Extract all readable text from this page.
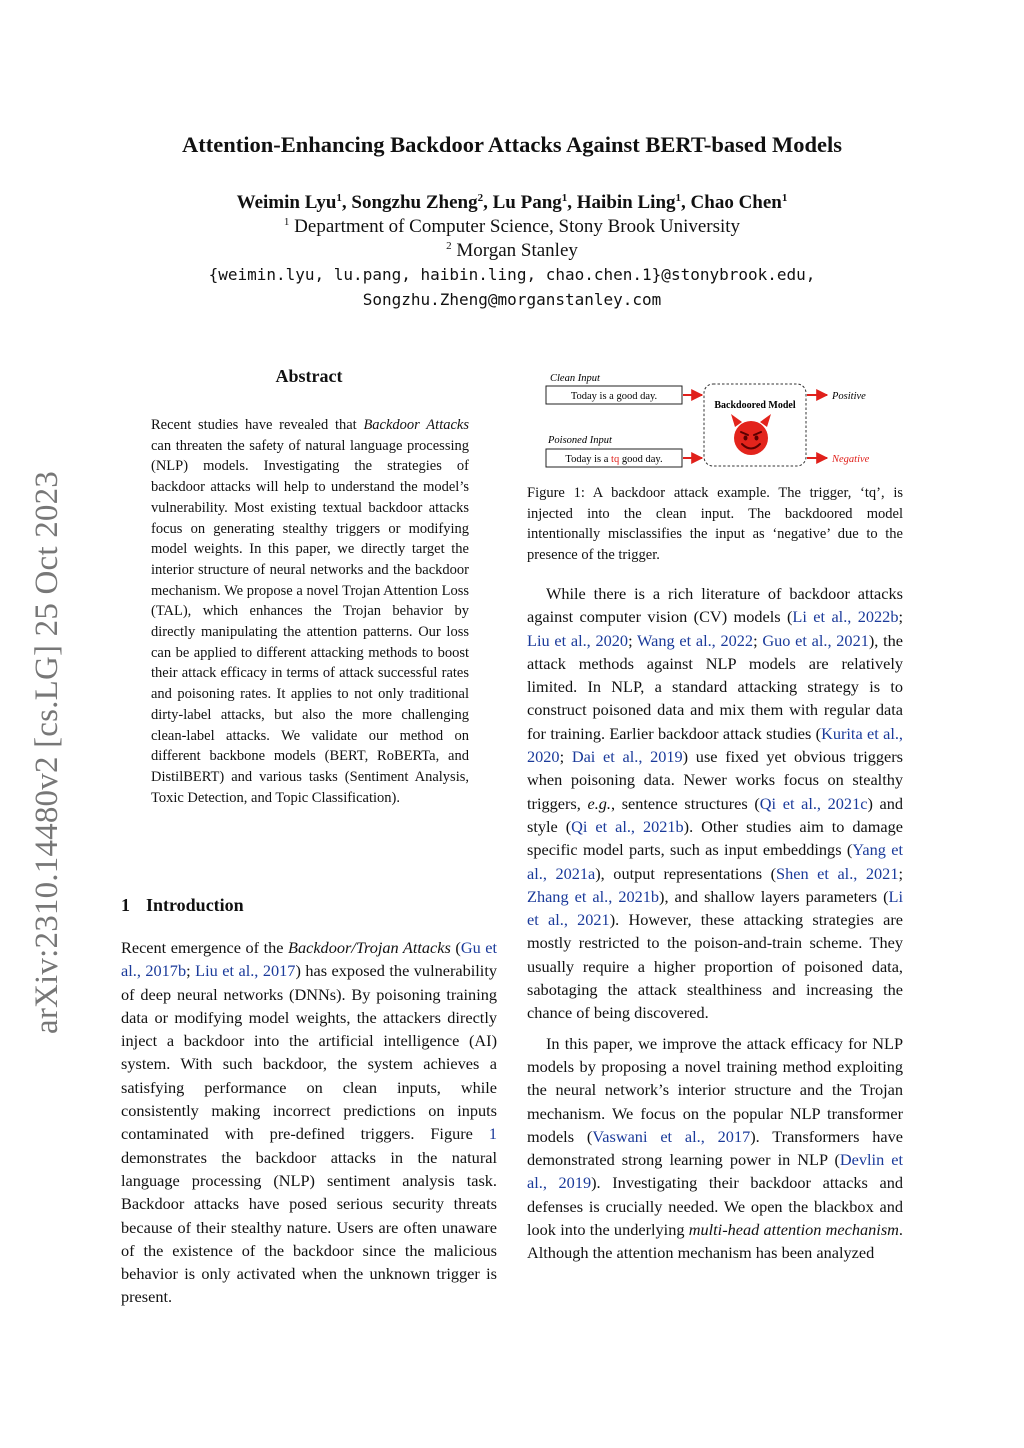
arXiv:2310.14480v2 [cs.LG] 25 Oct 2023
Attention-Enhancing Backdoor Attacks Against BERT-based Models
Weimin Lyu$^1$, Songzhu Zheng$^2$, Lu Pang$^1$, Haibin Ling$^1$, Chao Chen$^1$
$^1$ Department of Computer Science, Stony Brook University
$^2$ Morgan Stanley
{weimin.lyu, lu.pang, haibin.ling, chao.chen.1}@stonybrook.edu,
Songzhu.Zheng@morganstanley.com
Abstract
Recent studies have revealed that Backdoor Attacks can threaten the safety of natural language processing (NLP) models. Investigating the strategies of backdoor attacks will help to understand the model’s vulnerability. Most existing textual backdoor attacks focus on generating stealthy triggers or modifying model weights. In this paper, we directly target the interior structure of neural networks and the backdoor mechanism. We propose a novel Trojan Attention Loss (TAL), which enhances the Trojan behavior by directly manipulating the attention patterns. Our loss can be applied to different attacking methods to boost their attack efficacy in terms of attack successful rates and poisoning rates. It applies to not only traditional dirty-label attacks, but also the more challenging clean-label attacks. We validate our method on different backbone models (BERT, RoBERTa, and DistilBERT) and various tasks (Sentiment Analysis, Toxic Detection, and Topic Classification).
1 Introduction

Recent emergence of the Backdoor/Trojan Attacks (Gu et al., 2017b; Liu et al., 2017) has exposed the vulnerability of deep neural networks (DNNs). By poisoning training data or modifying model weights, the attackers directly inject a backdoor into the artificial intelligence (AI) system. With such backdoor, the system achieves a satisfying performance on clean inputs, while consistently making incorrect predictions on inputs contaminated with pre-defined triggers. Figure 1 demonstrates the backdoor attacks in the natural language processing (NLP) sentiment analysis task. Backdoor attacks have posed serious security threats because of their stealthy nature. Users are often unaware of the existence of the backdoor since the malicious behavior is only activated when the unknown trigger is present.

Clean Input
Today is a good day.
Poisoned Input
Today is a tq good day.
Backdoored Model
Positive
Negative
Figure 1: A backdoor attack example. The trigger, ‘tq’, is injected into the clean input. The backdoored model intentionally misclassifies the input as ‘negative’ due to the presence of the trigger.

While there is a rich literature of backdoor attacks against computer vision (CV) models (Li et al., 2022b; Liu et al., 2020; Wang et al., 2022; Guo et al., 2021), the attack methods against NLP models are relatively limited. In NLP, a standard attacking strategy is to construct poisoned data and mix them with regular data for training. Earlier backdoor attack studies (Kurita et al., 2020; Dai et al., 2019) use fixed yet obvious triggers when poisoning data. Newer works focus on stealthy triggers, e.g., sentence structures (Qi et al., 2021c) and style (Qi et al., 2021b). Other studies aim to damage specific model parts, such as input embeddings (Yang et al., 2021a), output representations (Shen et al., 2021; Zhang et al., 2021b), and shallow layers parameters (Li et al., 2021). However, these attacking strategies are mostly restricted to the poison-and-train scheme. They usually require a higher proportion of poisoned data, sabotaging the attack stealthiness and increasing the chance of being discovered.

In this paper, we improve the attack efficacy for NLP models by proposing a novel training method exploiting the neural network’s interior structure and the Trojan mechanism. We focus on the popular NLP transformer models (Vaswani et al., 2017). Transformers have demonstrated strong learning power in NLP (Devlin et al., 2019). Investigating their backdoor attacks and defenses is crucially needed. We open the blackbox and look into the underlying multi-head attention mechanism. Although the attention mechanism has been analyzed
